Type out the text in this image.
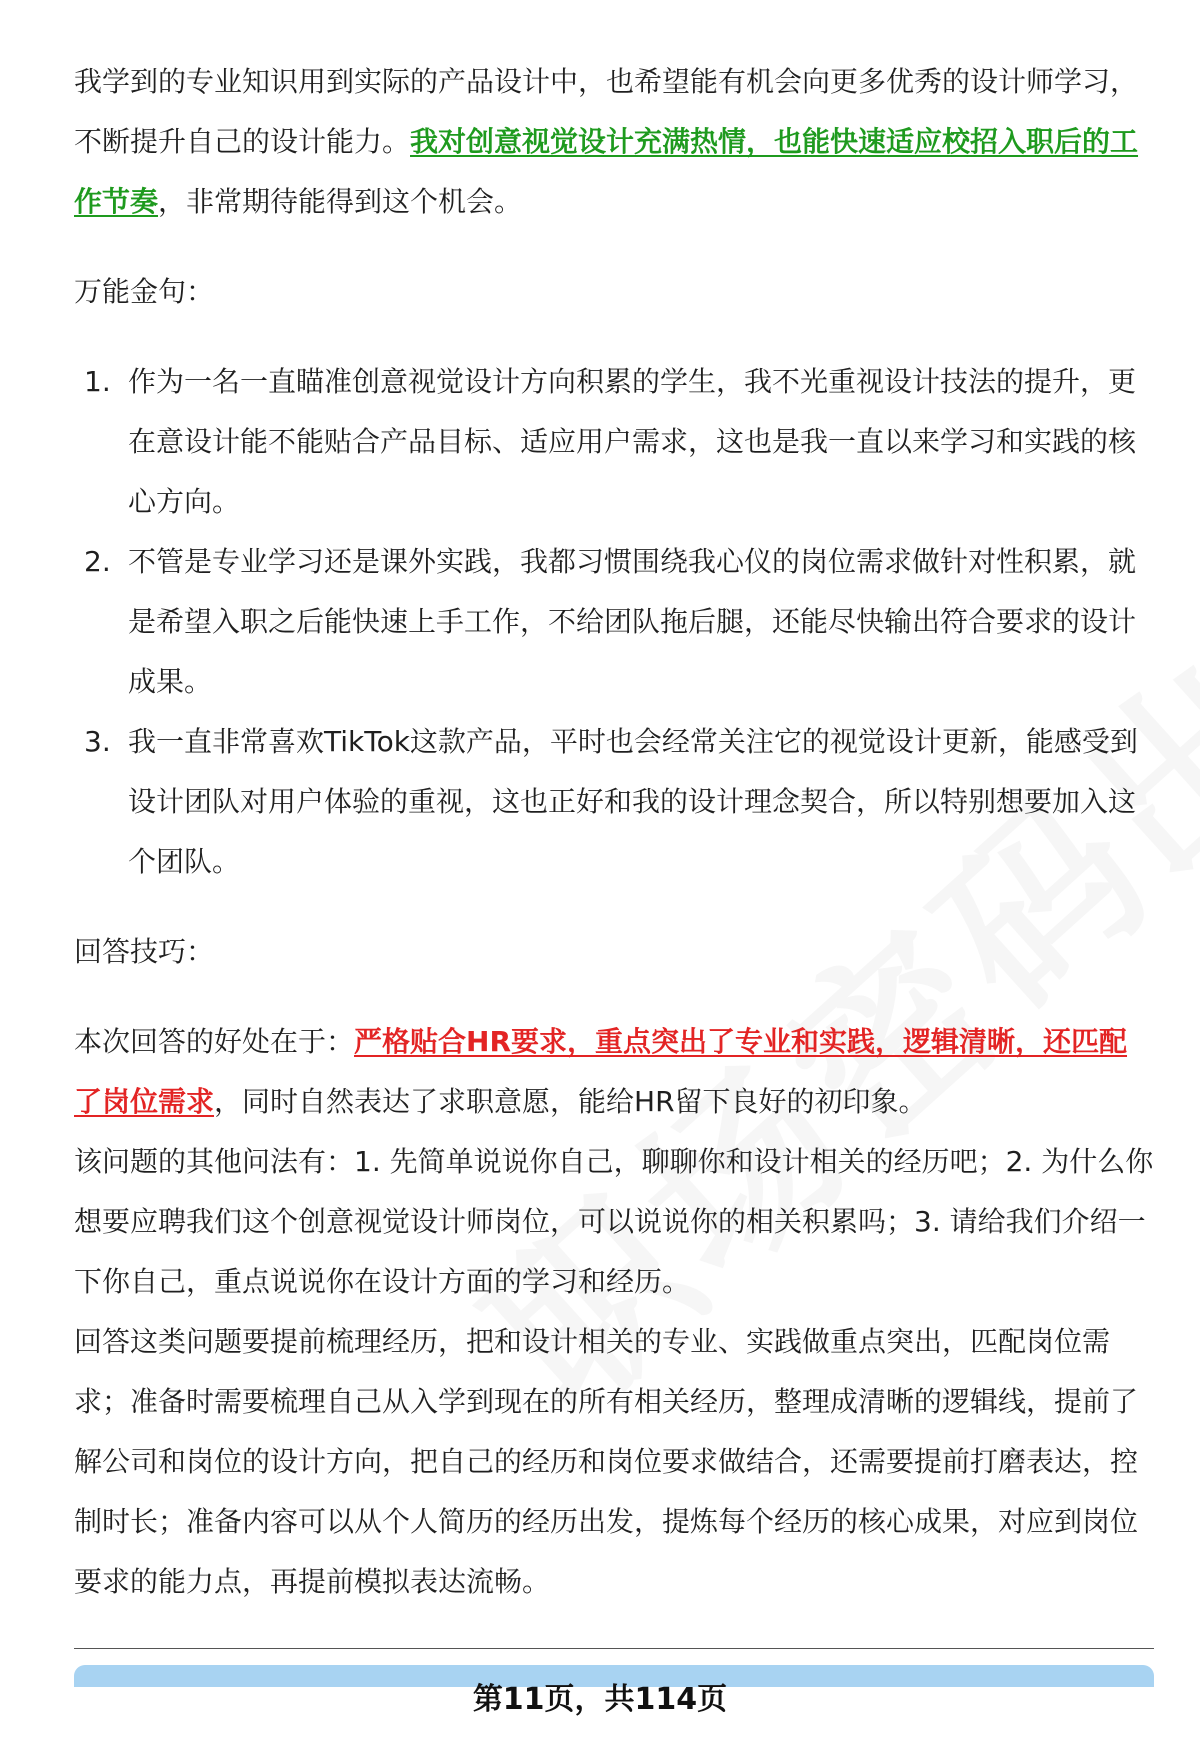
我学到的专业知识用到实际的产品设计中，也希望能有机会向更多优秀的设计师学习，不断提升自己的设计能力。我对创意视觉设计充满热情，也能快速适应校招入职后的工作节奏，非常期待能得到这个机会。

万能金句：

1. 作为一名一直瞄准创意视觉设计方向积累的学生，我不光重视设计技法的提升，更在意设计能不能贴合产品目标、适应用户需求，这也是我一直以来学习和实践的核心方向。
2. 不管是专业学习还是课外实践，我都习惯围绕我心仪的岗位需求做针对性积累，就是希望入职之后能快速上手工作，不给团队拖后腿，还能尽快输出符合要求的设计成果。
3. 我一直非常喜欢TikTok这款产品，平时也会经常关注它的视觉设计更新，能感受到设计团队对用户体验的重视，这也正好和我的设计理念契合，所以特别想要加入这个团队。

回答技巧：

本次回答的好处在于：严格贴合HR要求，重点突出了专业和实践，逻辑清晰，还匹配了岗位需求，同时自然表达了求职意愿，能给HR留下良好的初印象。

该问题的其他问法有：1. 先简单说说你自己，聊聊你和设计相关的经历吧；2. 为什么你想要应聘我们这个创意视觉设计师岗位，可以说说你的相关积累吗；3. 请给我们介绍一下你自己，重点说说你在设计方面的学习和经历。

回答这类问题要提前梳理经历，把和设计相关的专业、实践做重点突出，匹配岗位需求；准备时需要梳理自己从入学到现在的所有相关经历，整理成清晰的逻辑线，提前了解公司和岗位的设计方向，把自己的经历和岗位要求做结合，还需要提前打磨表达，控制时长；准备内容可以从个人简历的经历出发，提炼每个经历的核心成果，对应到岗位要求的能力点，再提前模拟表达流畅。

第11页，共114页
